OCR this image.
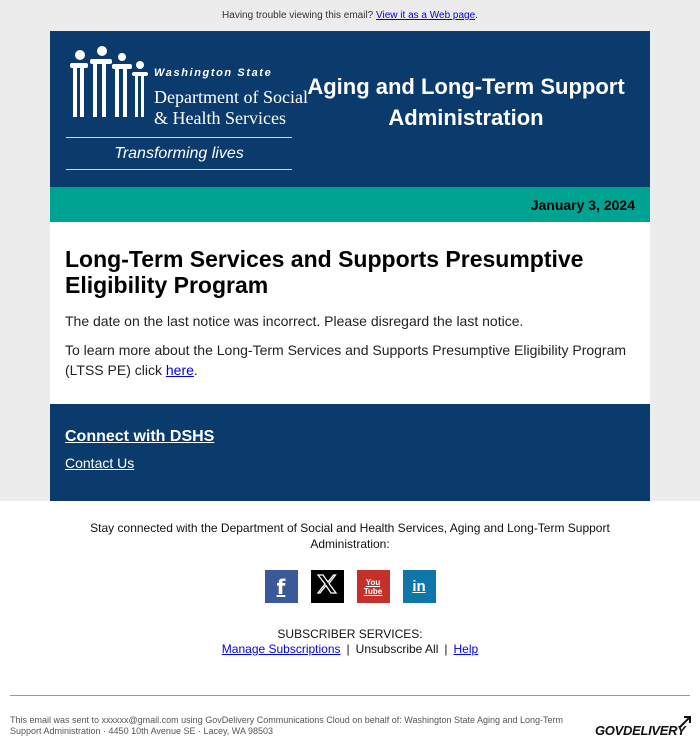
Having trouble viewing this email? View it as a Web page.
Washington State
Department of Social
& Health Services
Transforming lives
Aging and Long-Term Support Administration
January 3, 2024
Long-Term Services and Supports Presumptive Eligibility Program

The date on the last notice was incorrect. Please disregard the last notice.

To learn more about the Long-Term Services and Supports Presumptive Eligibility Program (LTSS PE) click here.

Connect with DSHS
Contact Us
Stay connected with the Department of Social and Health Services, Aging and Long-Term Support Administration:
f	You Tube in
SUBSCRIBER SERVICES:
Manage Subscriptions | Unsubscribe All | Help
This email was sent to xxxxxx@gmail.com using GovDelivery Communications Cloud on behalf of: Washington State Aging and Long-Term Support Administration · 4450 10th Avenue SE · Lacey, WA 98503	GOVDELIVERY
